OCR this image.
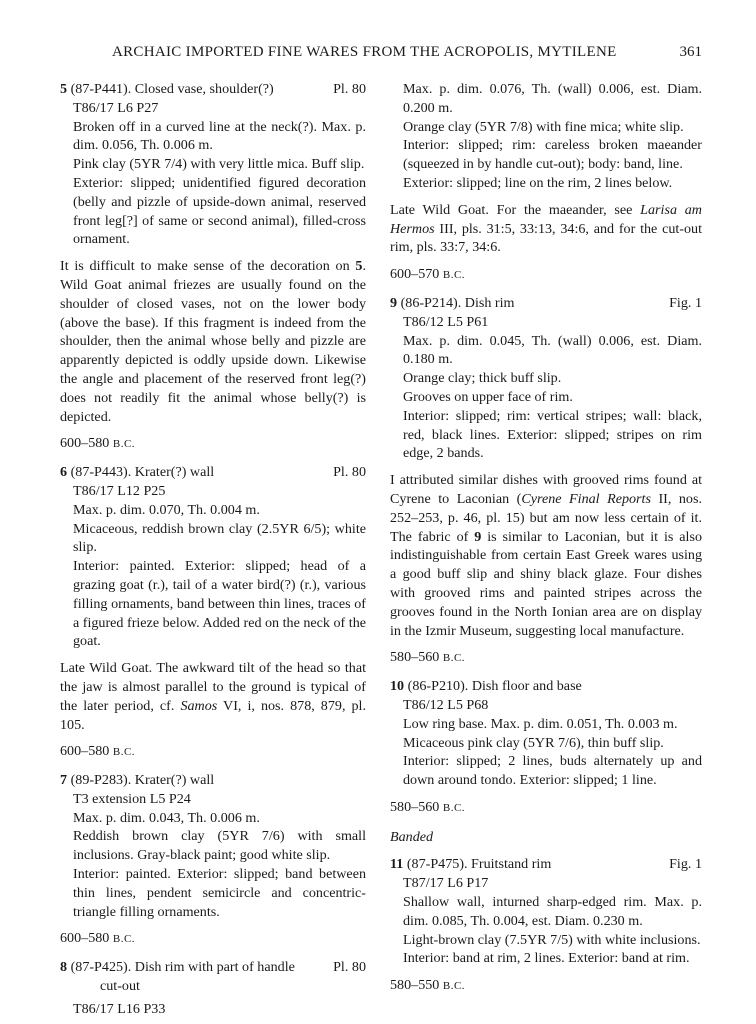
ARCHAIC IMPORTED FINE WARES FROM THE ACROPOLIS, MYTILENE	361
5 (87-P441). Closed vase, shoulder(?)	Pl. 80

T86/17 L6 P27

Broken off in a curved line at the neck(?). Max. p. dim. 0.056, Th. 0.006 m.

Pink clay (5YR 7/4) with very little mica. Buff slip.

Exterior: slipped; unidentified figured decoration (belly and pizzle of upside-down animal, reserved front leg[?] of same or second animal), filled-cross ornament.

It is difficult to make sense of the decoration on 5. Wild Goat animal friezes are usually found on the shoulder of closed vases, not on the lower body (above the base). If this fragment is indeed from the shoulder, then the animal whose belly and pizzle are apparently depicted is oddly upside down. Likewise the angle and placement of the reserved front leg(?) does not readily fit the animal whose belly(?) is depicted.

600–580 B.C.

6 (87-P443). Krater(?) wall	Pl. 80

T86/17 L12 P25

Max. p. dim. 0.070, Th. 0.004 m.

Micaceous, reddish brown clay (2.5YR 6/5); white slip.

Interior: painted. Exterior: slipped; head of a grazing goat (r.), tail of a water bird(?) (r.), various filling ornaments, band between thin lines, traces of a figured frieze below. Added red on the neck of the goat.

Late Wild Goat. The awkward tilt of the head so that the jaw is almost parallel to the ground is typical of the later period, cf. Samos VI, i, nos. 878, 879, pl. 105.

600–580 B.C.

7 (89-P283). Krater(?) wall

T3 extension L5 P24

Max. p. dim. 0.043, Th. 0.006 m.

Reddish brown clay (5YR 7/6) with small inclusions. Gray-black paint; good white slip.

Interior: painted. Exterior: slipped; band between thin lines, pendent semicircle and concentric-triangle filling ornaments.

600–580 B.C.

8 (87-P425). Dish rim with part of handle
cut-out
Pl. 80

T86/17 L16 P33

Max. p. dim. 0.076, Th. (wall) 0.006, est. Diam. 0.200 m.

Orange clay (5YR 7/8) with fine mica; white slip.

Interior: slipped; rim: careless broken maeander (squeezed in by handle cut-out); body: band, line.

Exterior: slipped; line on the rim, 2 lines below.

Late Wild Goat. For the maeander, see Larisa am Hermos III, pls. 31:5, 33:13, 34:6, and for the cut-out rim, pls. 33:7, 34:6.

600–570 B.C.

9 (86-P214). Dish rim	Fig. 1

T86/12 L5 P61

Max. p. dim. 0.045, Th. (wall) 0.006, est. Diam. 0.180 m.

Orange clay; thick buff slip.

Grooves on upper face of rim.

Interior: slipped; rim: vertical stripes; wall: black, red, black lines. Exterior: slipped; stripes on rim edge, 2 bands.

I attributed similar dishes with grooved rims found at Cyrene to Laconian (Cyrene Final Reports II, nos. 252–253, p. 46, pl. 15) but am now less certain of it. The fabric of 9 is similar to Laconian, but it is also indistinguishable from certain East Greek wares using a good buff slip and shiny black glaze. Four dishes with grooved rims and painted stripes across the grooves found in the North Ionian area are on display in the Izmir Museum, suggesting local manufacture.

580–560 B.C.

10 (86-P210). Dish floor and base

T86/12 L5 P68

Low ring base. Max. p. dim. 0.051, Th. 0.003 m.

Micaceous pink clay (5YR 7/6), thin buff slip.

Interior: slipped; 2 lines, buds alternately up and down around tondo. Exterior: slipped; 1 line.

580–560 B.C.

Banded
11 (87-P475). Fruitstand rim	Fig. 1

T87/17 L6 P17

Shallow wall, inturned sharp-edged rim. Max. p. dim. 0.085, Th. 0.004, est. Diam. 0.230 m.

Light-brown clay (7.5YR 7/5) with white inclusions.

Interior: band at rim, 2 lines. Exterior: band at rim.

580–550 B.C.
